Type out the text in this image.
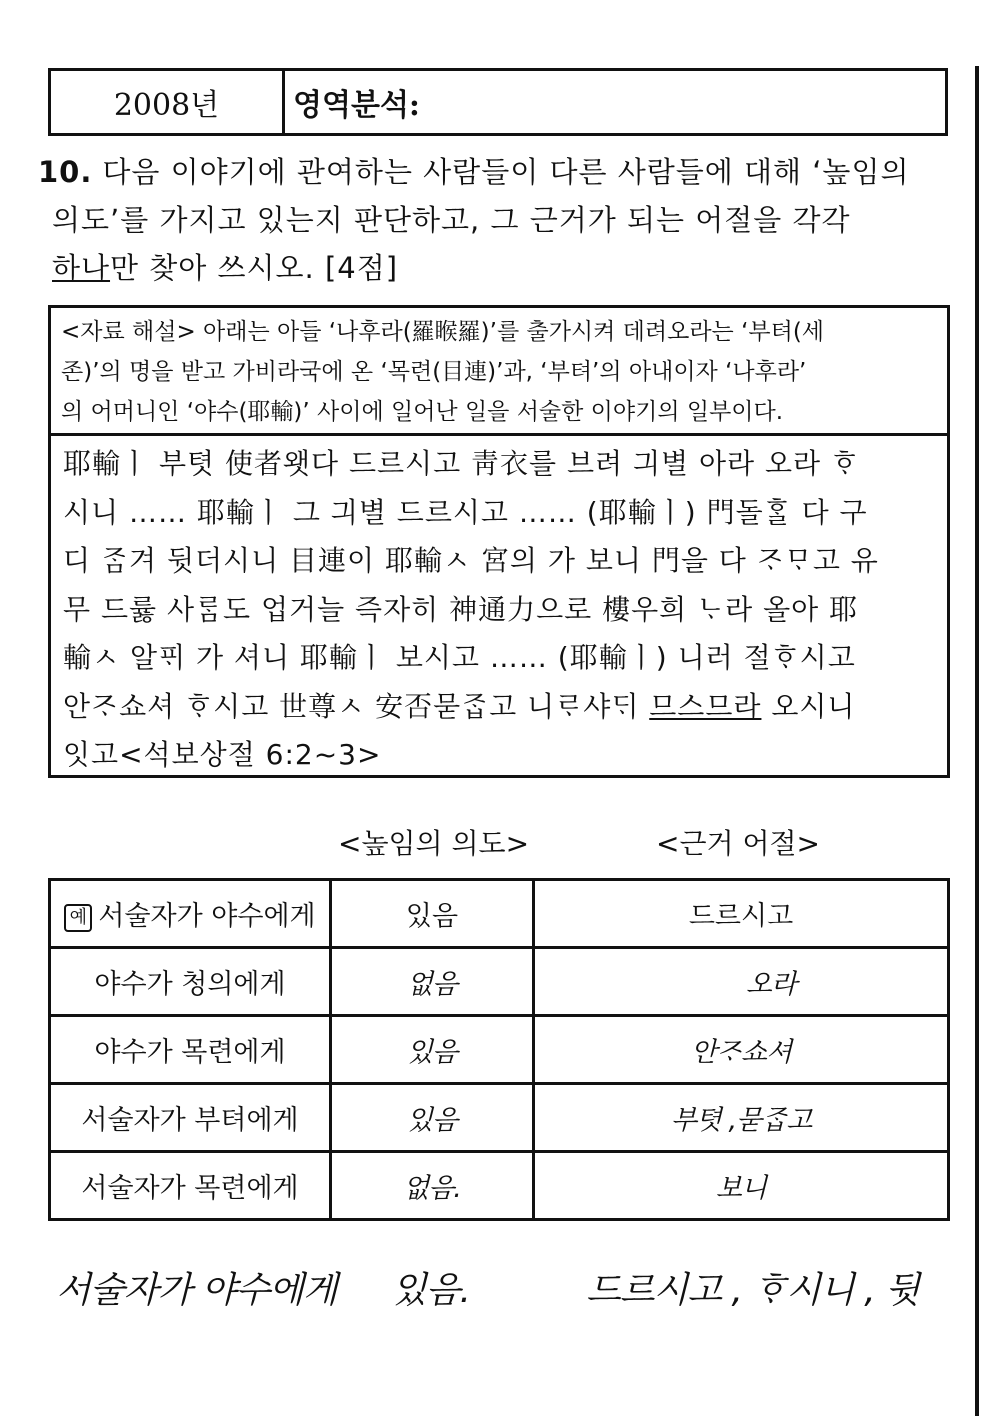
2008년	영역분석:
10. 다음 이야기에 관여하는 사람들이 다른 사람들에 대해 ‘높임의
의도’를 가지고 있는지 판단하고, 그 근거가 되는 어절을 각각
하나만 찾아 쓰시오. [4점]
<자료 해설> 아래는 아들 ‘나후라(羅睺羅)’를 출가시켜 데려오라는 ‘부텨(세
존)’의 명을 받고 가비라국에 온 ‘목련(目連)’과, ‘부텨’의 아내이자 ‘나후라’
의 어머니인 ‘야수(耶輸)’ 사이에 일어난 일을 서술한 이야기의 일부이다.
耶輸ㅣ 부텻 使者왯다 드르시고 靑衣를 브려 긔별 아라 오라 ᄒᆞ
시니 …… 耶輸ㅣ 그 긔별 드르시고 …… (耶輸ㅣ) 門돌ᄒᆞᆯ 다 구
디 ᄌᆞᆷ겨 뒷더시니 目連이 耶輸ㅅ 宮의 가 보니 門을 다 ᄌᆞᄆᆞ고 유
무 드륧 사ᄅᆞᆷ도 업거늘 즉자히 神通力으로 樓우희 ᄂᆞ라 올아 耶
輸ㅅ 알ᄑᆡ 가 셔니 耶輸ㅣ 보시고 …… (耶輸ㅣ) 니러 절ᄒᆞ시고
안ᄌᆞ쇼셔 ᄒᆞ시고 世尊ㅅ 安否묻ᄌᆞᆸ고 니ᄅᆞ샤ᄃᆡ 므스므라 오시니
잇고<석보상절 6:2~3>
<높임의 의도>	<근거 어절>
예 서술자가 야수에게	있음	드르시고
야수가 청의에게	없음	오라
야수가 목련에게	있음	안ᄌᆞ쇼셔
서술자가 부텨에게	있음	부텻 ,묻ᄌᆞᆸ고
서술자가 목련에게	없음.	보니
서술자가 야수에게 있음.	드르시고 , ᄒᆞ시니 , 뒷
